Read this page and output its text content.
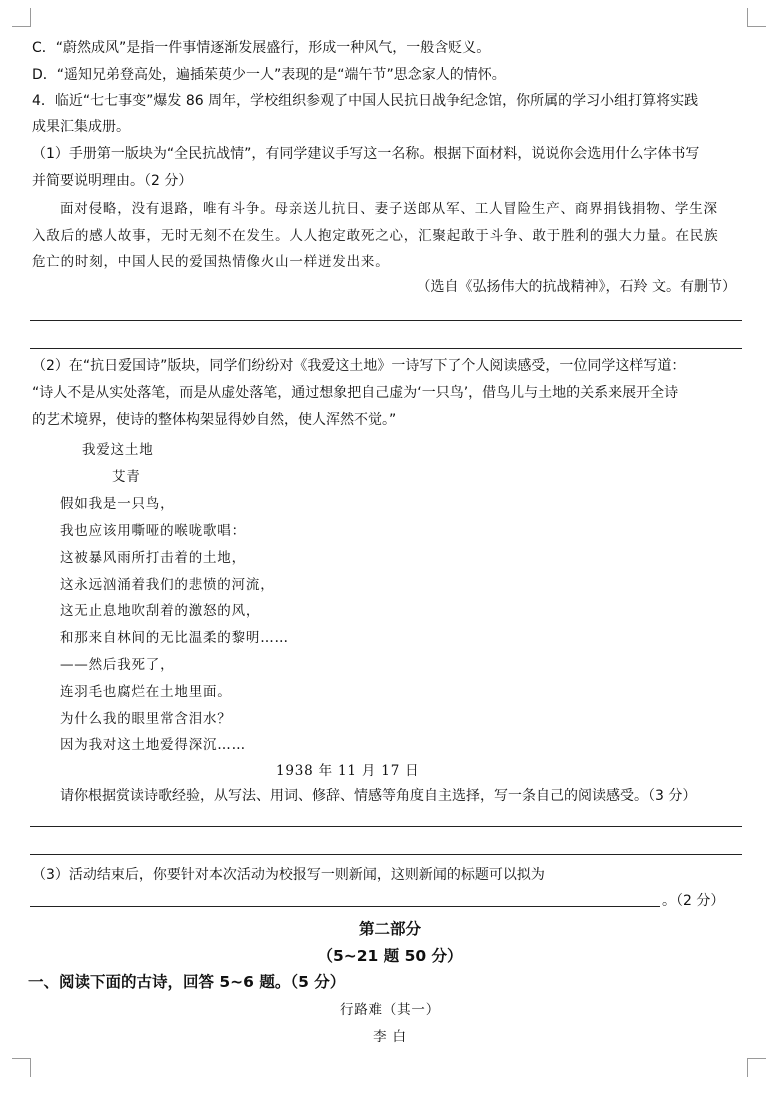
C．“蔚然成风”是指一件事情逐渐发展盛行，形成一种风气，一般含贬义。
D．“遥知兄弟登高处，遍插茱萸少一人”表现的是“端午节”思念家人的情怀。
4．临近“七七事变”爆发 86 周年，学校组织参观了中国人民抗日战争纪念馆，你所属的学习小组打算将实践
成果汇集成册。
（1）手册第一版块为“全民抗战情”，有同学建议手写这一名称。根据下面材料，说说你会选用什么字体书写
并简要说明理由。（2 分）
面对侵略，没有退路，唯有斗争。母亲送儿抗日、妻子送郎从军、工人冒险生产、商界捐钱捐物、学生深
入敌后的感人故事，无时无刻不在发生。人人抱定敢死之心，汇聚起敢于斗争、敢于胜利的强大力量。在民族
危亡的时刻，中国人民的爱国热情像火山一样迸发出来。
（选自《弘扬伟大的抗战精神》，石羚 文。有删节）
（2）在“抗日爱国诗”版块，同学们纷纷对《我爱这土地》一诗写下了个人阅读感受，一位同学这样写道：
“诗人不是从实处落笔，而是从虚处落笔，通过想象把自己虚为‘一只鸟’，借鸟儿与土地的关系来展开全诗
的艺术境界，使诗的整体构架显得妙自然，使人浑然不觉。”
我爱这土地
艾青
假如我是一只鸟，
我也应该用嘶哑的喉咙歌唱：
这被暴风雨所打击着的土地，
这永远汹涌着我们的悲愤的河流，
这无止息地吹刮着的激怒的风，
和那来自林间的无比温柔的黎明……
——然后我死了，
连羽毛也腐烂在土地里面。
为什么我的眼里常含泪水？
因为我对这土地爱得深沉……
1938 年 11 月 17 日
请你根据赏读诗歌经验，从写法、用词、修辞、情感等角度自主选择，写一条自己的阅读感受。（3 分）
（3）活动结束后，你要针对本次活动为校报写一则新闻，这则新闻的标题可以拟为
。（2 分）
第二部分
（5~21 题 50 分）
一、阅读下面的古诗，回答 5~6 题。（5 分）
行路难（其一）
李 白
